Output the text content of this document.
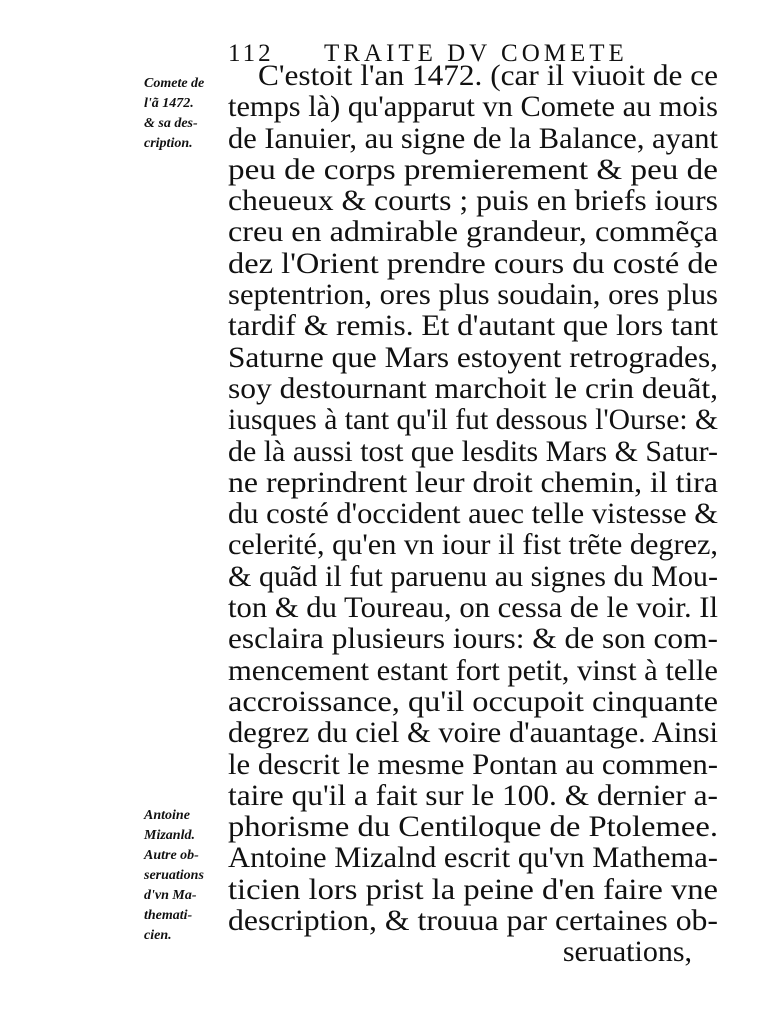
112 TRAITE DV COMETE
Comete de
l'ã 1472.
& sa des-
cription.
Antoine
Mizanld.
Autre ob-
seruations
d'vn Ma-
themati-
cien.
C'estoit l'an 1472. (car il viuoit de ce
temps là) qu'apparut vn Comete au mois
de Ianuier, au signe de la Balance, ayant
peu de corps premierement & peu de
cheueux & courts ; puis en briefs iours
creu en admirable grandeur, commẽça
dez l'Orient prendre cours du costé de
septentrion, ores plus soudain, ores plus
tardif & remis. Et d'autant que lors tant
Saturne que Mars estoyent retrogrades,
soy destournant marchoit le crin deuãt,
iusques à tant qu'il fut dessous l'Ourse: &
de là aussi tost que lesdits Mars & Satur-
ne reprindrent leur droit chemin, il tira
du costé d'occident auec telle vistesse &
celerité, qu'en vn iour il fist trẽte degrez,
& quãd il fut paruenu au signes du Mou-
ton & du Toureau, on cessa de le voir. Il
esclaira plusieurs iours: & de son com-
mencement estant fort petit, vinst à telle
accroissance, qu'il occupoit cinquante
degrez du ciel & voire d'auantage. Ainsi
le descrit le mesme Pontan au commen-
taire qu'il a fait sur le 100. & dernier a-
phorisme du Centiloque de Ptolemee.
Antoine Mizalnd escrit qu'vn Mathema-
ticien lors prist la peine d'en faire vne
description, & trouua par certaines ob-
seruations,
